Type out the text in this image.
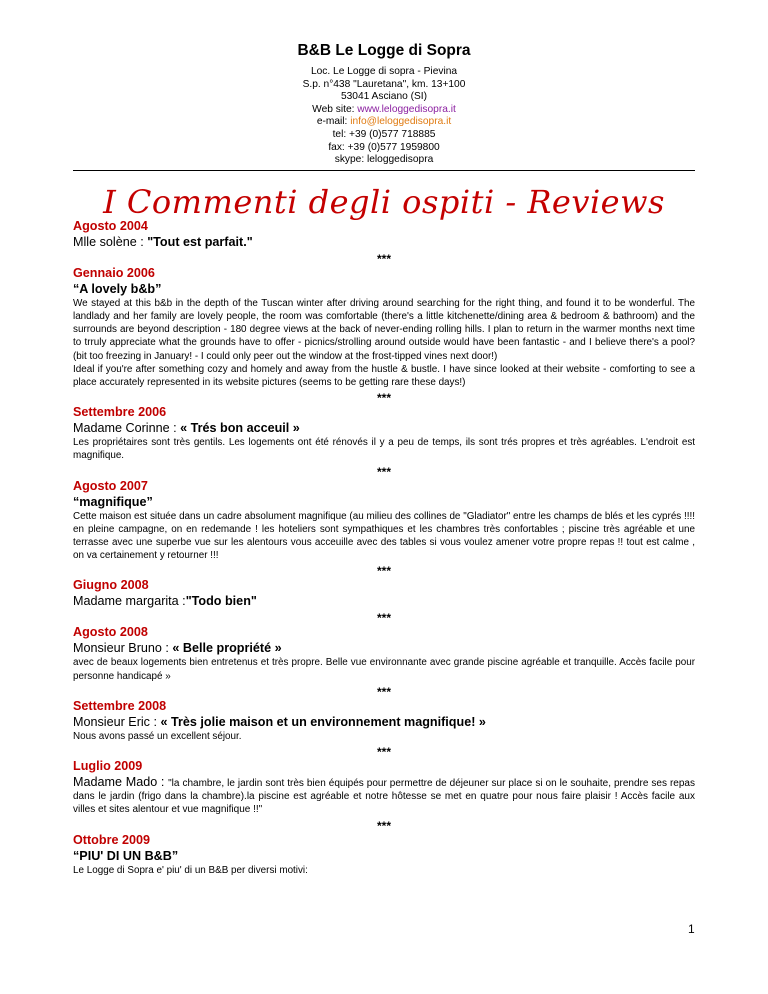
B&B Le Logge di Sopra
Loc. Le Logge di sopra - Pievina
S.p. n°438 "Lauretana", km. 13+100
53041 Asciano (SI)
Web site: www.leloggedisopra.it
e-mail: info@leloggedisopra.it
tel: +39 (0)577 718885
fax: +39 (0)577 1959800
skype: leloggedisopra
I Commenti degli ospiti - Reviews
Agosto 2004
Mlle solène : "Tout est parfait."
***
Gennaio 2006
“A lovely b&b”
We stayed at this b&b in the depth of the Tuscan winter after driving around searching for the right thing, and found it to be wonderful. The landlady and her family are lovely people, the room was comfortable (there's a little kitchenette/dining area & bedroom & bathroom) and the surrounds are beyond description - 180 degree views at the back of never-ending rolling hills. I plan to return in the warmer months next time to trruly appreciate what the grounds have to offer - picnics/strolling around outside would have been fantastic - and I believe there's a pool? (bit too freezing in January! - I could only peer out the window at the frost-tipped vines next door!)
Ideal if you're after something cozy and homely and away from the hustle & bustle. I have since looked at their website - comforting to see a place accurately represented in its website pictures (seems to be getting rare these days!)
***
Settembre 2006
Madame Corinne : « Trés bon acceuil »
Les propriétaires sont très gentils. Les logements ont été rénovés il y a peu de temps, ils sont trés propres et très agréables. L'endroit est magnifique.
***
Agosto 2007
“magnifique”
Cette maison est située dans un cadre absolument magnifique (au milieu des collines de "Gladiator" entre les champs de blés et les cyprés !!!! en pleine campagne, on en redemande ! les hoteliers sont sympathiques et les chambres très confortables ; piscine très agréable et une terrasse avec une superbe vue sur les alentours vous acceuille avec des tables si vous voulez amener votre propre repas !! tout est calme , on va certainement y retourner !!!
***
Giugno 2008
Madame margarita :"Todo bien"
***
Agosto 2008
Monsieur Bruno : « Belle propriété »
avec de beaux logements bien entretenus et très propre. Belle vue environnante avec grande piscine agréable et tranquille. Accès facile pour personne handicapé »
***
Settembre 2008
Monsieur Eric : « Très jolie maison et un environnement magnifique! »
Nous avons passé un excellent séjour.
***
Luglio 2009
Madame Mado : "la chambre, le jardin sont très bien équipés pour permettre de déjeuner sur place si on le souhaite, prendre ses repas dans le jardin (frigo dans la chambre).la piscine est agréable et notre hôtesse se met en quatre pour nous faire plaisir ! Accès facile aux villes et sites alentour et vue magnifique !!"
***
Ottobre 2009
“PIU' DI UN B&B”
Le Logge di Sopra e' piu' di un B&B per diversi motivi:
1
